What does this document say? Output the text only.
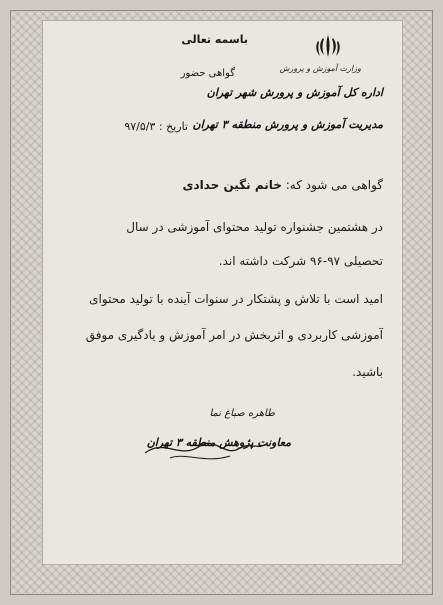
باسمه تعالی
گواهی حضور	وزارت آموزش و پرورش
اداره کل آموزش و پرورش شهر تهران
مدیریت آموزش و پرورش منطقه ۳ تهران
تاریخ : ۹۷/۵/۳
گواهی می شود که: خانم نگین حدادی
در هشتمین جشنواره تولید محتوای آموزشی در سال
تحصیلی ۹۷-۹۶ شرکت داشته اند.
امید است با تلاش و پشتکار در سنوات آینده با تولید محتوای
آموزشی کاربردی و اثربخش در امر آموزش و یادگیری موفق
باشید.
طاهره صباغ نما
معاونت پژوهش منطقه ۳ تهران
